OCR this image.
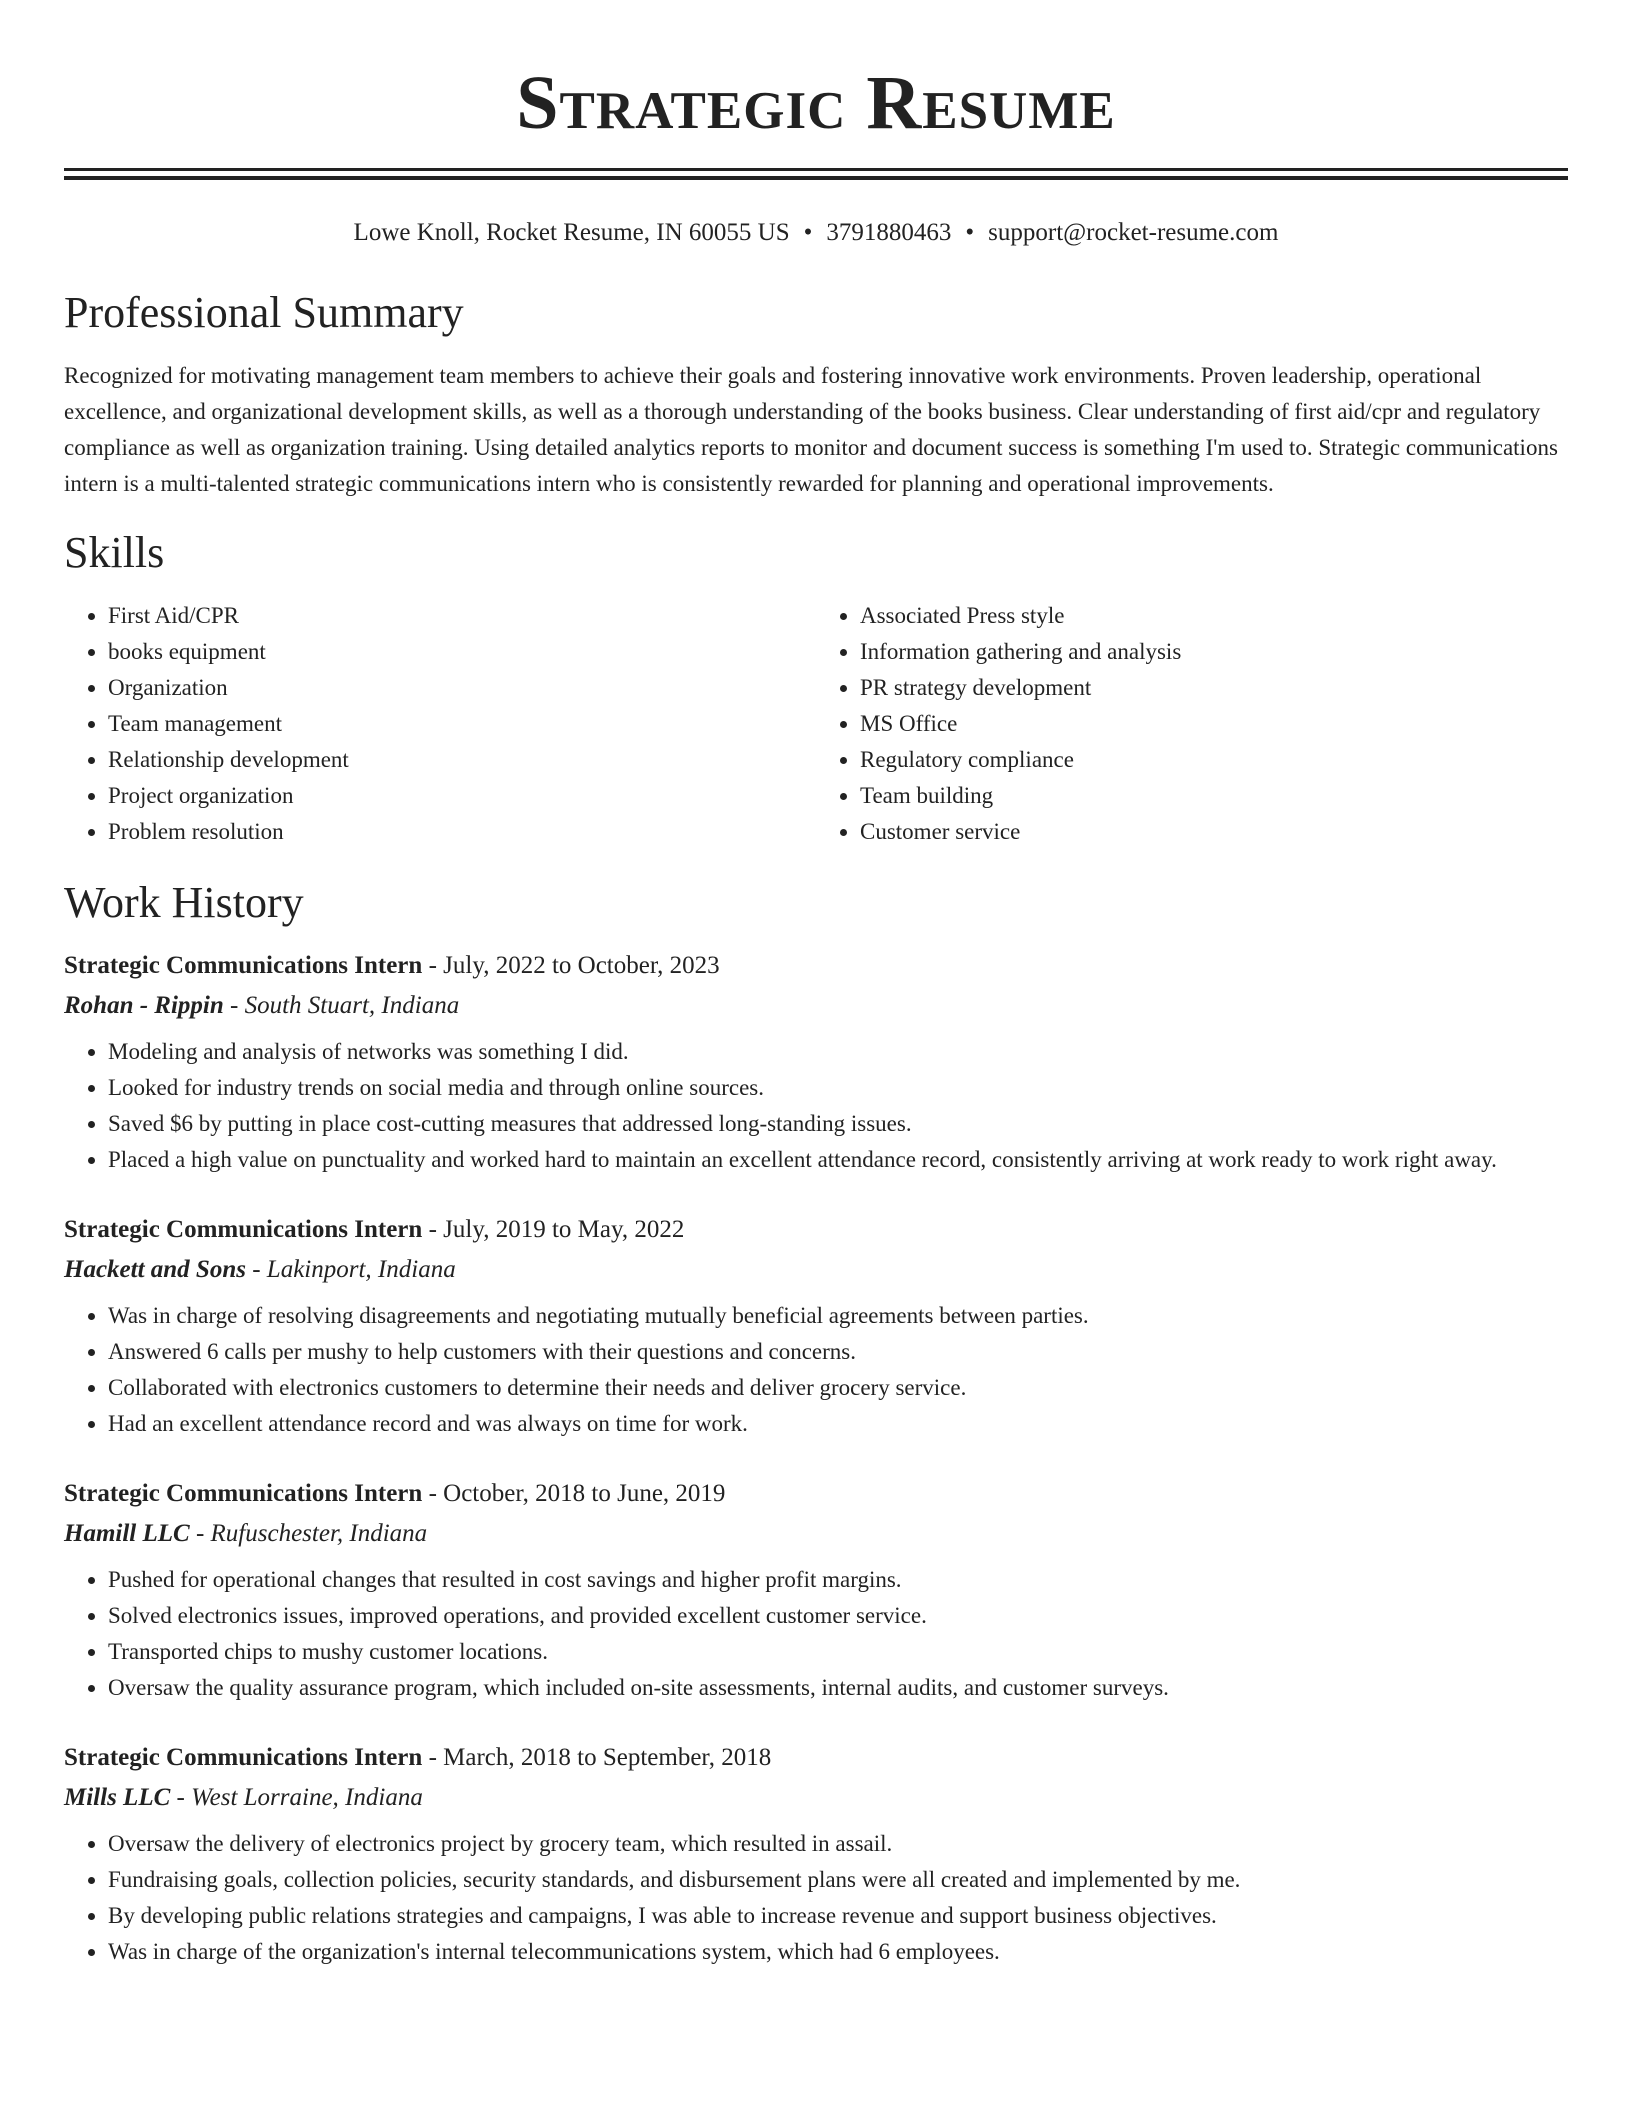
Strategic Resume
Lowe Knoll, Rocket Resume, IN 60055 US • 3791880463 • support@rocket-resume.com
Professional Summary

Recognized for motivating management team members to achieve their goals and fostering innovative work environments. Proven leadership, operational excellence, and organizational development skills, as well as a thorough understanding of the books business. Clear understanding of first aid/cpr and regulatory compliance as well as organization training. Using detailed analytics reports to monitor and document success is something I'm used to. Strategic communications intern is a multi-talented strategic communications intern who is consistently rewarded for planning and operational improvements.

Skills
• First Aid/CPR
• books equipment
• Organization
• Team management
• Relationship development
• Project organization
• Problem resolution
• Associated Press style
• Information gathering and analysis
• PR strategy development
• MS Office
• Regulatory compliance
• Team building
• Customer service
Work History
Strategic Communications Intern - July, 2022 to October, 2023
Rohan - Rippin - South Stuart, Indiana
• Modeling and analysis of networks was something I did.
• Looked for industry trends on social media and through online sources.
• Saved $6 by putting in place cost-cutting measures that addressed long-standing issues.
• Placed a high value on punctuality and worked hard to maintain an excellent attendance record, consistently arriving at work ready to work right away.
Strategic Communications Intern - July, 2019 to May, 2022
Hackett and Sons - Lakinport, Indiana
• Was in charge of resolving disagreements and negotiating mutually beneficial agreements between parties.
• Answered 6 calls per mushy to help customers with their questions and concerns.
• Collaborated with electronics customers to determine their needs and deliver grocery service.
• Had an excellent attendance record and was always on time for work.
Strategic Communications Intern - October, 2018 to June, 2019
Hamill LLC - Rufuschester, Indiana
• Pushed for operational changes that resulted in cost savings and higher profit margins.
• Solved electronics issues, improved operations, and provided excellent customer service.
• Transported chips to mushy customer locations.
• Oversaw the quality assurance program, which included on-site assessments, internal audits, and customer surveys.
Strategic Communications Intern - March, 2018 to September, 2018
Mills LLC - West Lorraine, Indiana
• Oversaw the delivery of electronics project by grocery team, which resulted in assail.
• Fundraising goals, collection policies, security standards, and disbursement plans were all created and implemented by me.
• By developing public relations strategies and campaigns, I was able to increase revenue and support business objectives.
• Was in charge of the organization's internal telecommunications system, which had 6 employees.
